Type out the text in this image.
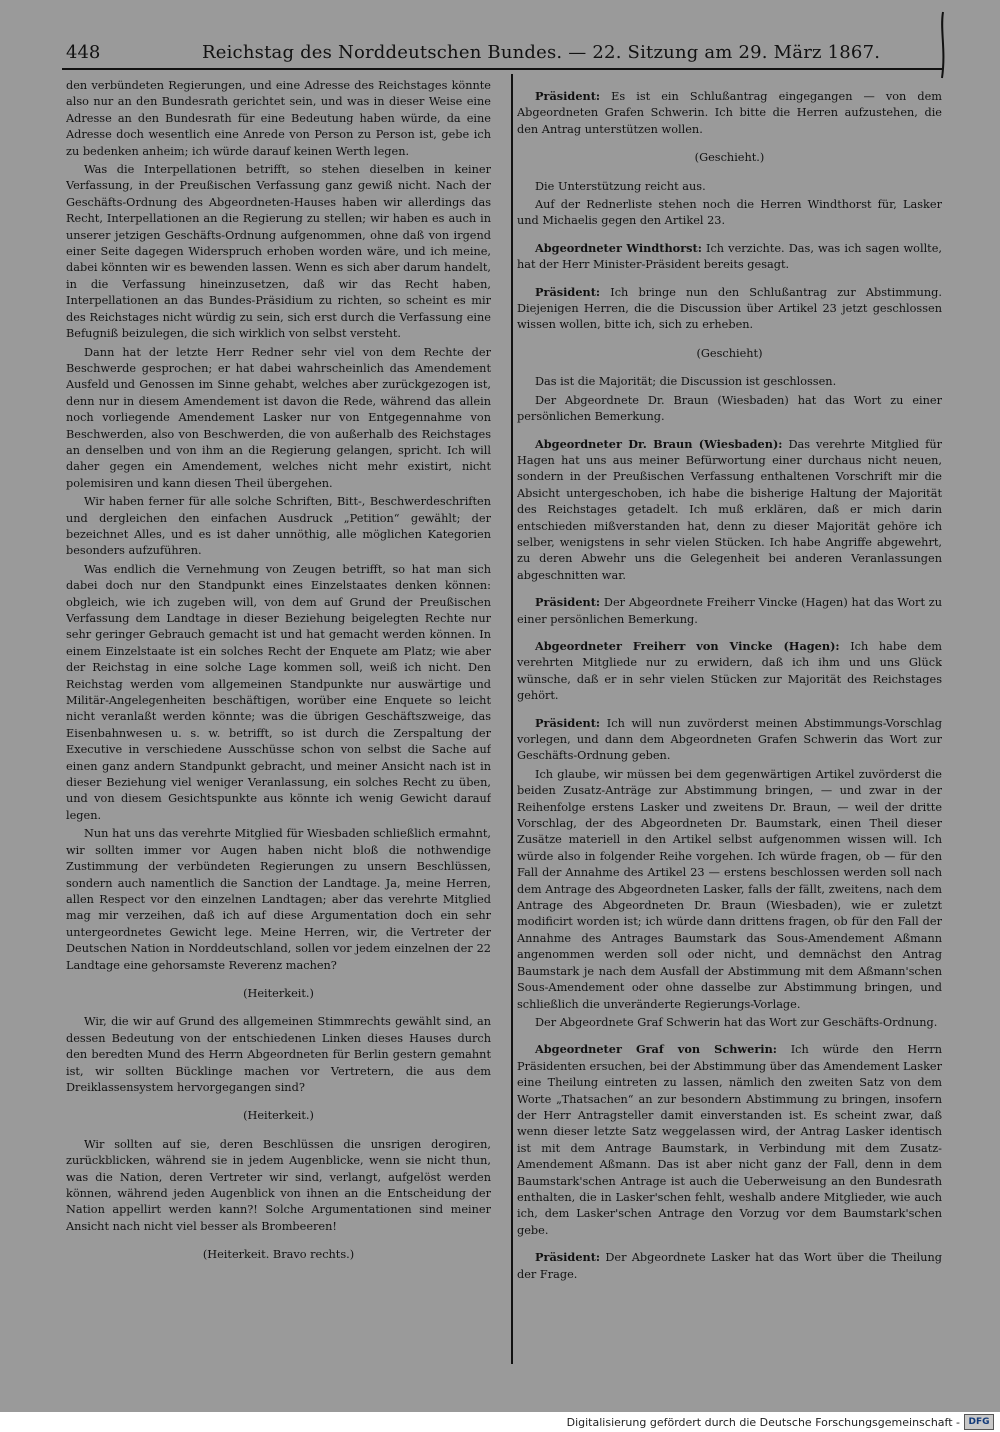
448	Reichstag des Norddeutschen Bundes. — 22. Sitzung am 29. März 1867.

den verbündeten Regierungen, und eine Adresse des Reichstages könnte also nur an den Bundesrath gerichtet sein, und was in dieser Weise eine Adresse an den Bundesrath für eine Bedeutung haben würde, da eine Adresse doch wesentlich eine Anrede von Person zu Person ist, gebe ich zu bedenken anheim; ich würde darauf keinen Werth legen.

Was die Interpellationen betrifft, so stehen dieselben in keiner Verfassung, in der Preußischen Verfassung ganz gewiß nicht. Nach der Geschäfts-Ordnung des Abgeordneten-Hauses haben wir allerdings das Recht, Interpellationen an die Regierung zu stellen; wir haben es auch in unserer jetzigen Geschäfts-Ordnung aufgenommen, ohne daß von irgend einer Seite dagegen Widerspruch erhoben worden wäre, und ich meine, dabei könnten wir es bewenden lassen. Wenn es sich aber darum handelt, in die Verfassung hineinzusetzen, daß wir das Recht haben, Interpellationen an das Bundes-Präsidium zu richten, so scheint es mir des Reichstages nicht würdig zu sein, sich erst durch die Verfassung eine Befugniß beizulegen, die sich wirklich von selbst versteht.

Dann hat der letzte Herr Redner sehr viel von dem Rechte der Beschwerde gesprochen; er hat dabei wahrscheinlich das Amendement Ausfeld und Genossen im Sinne gehabt, welches aber zurückgezogen ist, denn nur in diesem Amendement ist davon die Rede, während das allein noch vorliegende Amendement Lasker nur von Entgegennahme von Beschwerden, also von Beschwerden, die von außerhalb des Reichstages an denselben und von ihm an die Regierung gelangen, spricht. Ich will daher gegen ein Amendement, welches nicht mehr existirt, nicht polemisiren und kann diesen Theil übergehen.

Wir haben ferner für alle solche Schriften, Bitt-, Beschwerdeschriften und dergleichen den einfachen Ausdruck „Petition“ gewählt; der bezeichnet Alles, und es ist daher unnöthig, alle möglichen Kategorien besonders aufzuführen.

Was endlich die Vernehmung von Zeugen betrifft, so hat man sich dabei doch nur den Standpunkt eines Einzelstaates denken können: obgleich, wie ich zugeben will, von dem auf Grund der Preußischen Verfassung dem Landtage in dieser Beziehung beigelegten Rechte nur sehr geringer Gebrauch gemacht ist und hat gemacht werden können. In einem Einzelstaate ist ein solches Recht der Enquete am Platz; wie aber der Reichstag in eine solche Lage kommen soll, weiß ich nicht. Den Reichstag werden vom allgemeinen Standpunkte nur auswärtige und Militär-Angelegenheiten beschäftigen, worüber eine Enquete so leicht nicht veranlaßt werden könnte; was die übrigen Geschäftszweige, das Eisenbahnwesen u. s. w. betrifft, so ist durch die Zerspaltung der Executive in verschiedene Ausschüsse schon von selbst die Sache auf einen ganz andern Standpunkt gebracht, und meiner Ansicht nach ist in dieser Beziehung viel weniger Veranlassung, ein solches Recht zu üben, und von diesem Gesichtspunkte aus könnte ich wenig Gewicht darauf legen.

Nun hat uns das verehrte Mitglied für Wiesbaden schließlich ermahnt, wir sollten immer vor Augen haben nicht bloß die nothwendige Zustimmung der verbündeten Regierungen zu unsern Beschlüssen, sondern auch namentlich die Sanction der Landtage. Ja, meine Herren, allen Respect vor den einzelnen Landtagen; aber das verehrte Mitglied mag mir verzeihen, daß ich auf diese Argumentation doch ein sehr untergeordnetes Gewicht lege. Meine Herren, wir, die Vertreter der Deutschen Nation in Norddeutschland, sollen vor jedem einzelnen der 22 Landtage eine gehorsamste Reverenz machen?

(Heiterkeit.)

Wir, die wir auf Grund des allgemeinen Stimmrechts gewählt sind, an dessen Bedeutung von der entschiedenen Linken dieses Hauses durch den beredten Mund des Herrn Abgeordneten für Berlin gestern gemahnt ist, wir sollten Bücklinge machen vor Vertretern, die aus dem Dreiklassensystem hervorgegangen sind?

(Heiterkeit.)

Wir sollten auf sie, deren Beschlüssen die unsrigen derogiren, zurückblicken, während sie in jedem Augenblicke, wenn sie nicht thun, was die Nation, deren Vertreter wir sind, verlangt, aufgelöst werden können, während jeden Augenblick von ihnen an die Entscheidung der Nation appellirt werden kann?! Solche Argumentationen sind meiner Ansicht nach nicht viel besser als Brombeeren!

(Heiterkeit. Bravo rechts.)

Präsident: Es ist ein Schlußantrag eingegangen — von dem Abgeordneten Grafen Schwerin. Ich bitte die Herren aufzustehen, die den Antrag unterstützen wollen.

(Geschieht.)

Die Unterstützung reicht aus.

Auf der Rednerliste stehen noch die Herren Windthorst für, Lasker und Michaelis gegen den Artikel 23.

Abgeordneter Windthorst: Ich verzichte. Das, was ich sagen wollte, hat der Herr Minister-Präsident bereits gesagt.

Präsident: Ich bringe nun den Schlußantrag zur Abstimmung. Diejenigen Herren, die die Discussion über Artikel 23 jetzt geschlossen wissen wollen, bitte ich, sich zu erheben.

(Geschieht)

Das ist die Majorität; die Discussion ist geschlossen.

Der Abgeordnete Dr. Braun (Wiesbaden) hat das Wort zu einer persönlichen Bemerkung.

Abgeordneter Dr. Braun (Wiesbaden): Das verehrte Mitglied für Hagen hat uns aus meiner Befürwortung einer durchaus nicht neuen, sondern in der Preußischen Verfassung enthaltenen Vorschrift mir die Absicht untergeschoben, ich habe die bisherige Haltung der Majorität des Reichstages getadelt. Ich muß erklären, daß er mich darin entschieden mißverstanden hat, denn zu dieser Majorität gehöre ich selber, wenigstens in sehr vielen Stücken. Ich habe Angriffe abgewehrt, zu deren Abwehr uns die Gelegenheit bei anderen Veranlassungen abgeschnitten war.

Präsident: Der Abgeordnete Freiherr Vincke (Hagen) hat das Wort zu einer persönlichen Bemerkung.

Abgeordneter Freiherr von Vincke (Hagen): Ich habe dem verehrten Mitgliede nur zu erwidern, daß ich ihm und uns Glück wünsche, daß er in sehr vielen Stücken zur Majorität des Reichstages gehört.

Präsident: Ich will nun zuvörderst meinen Abstimmungs-Vorschlag vorlegen, und dann dem Abgeordneten Grafen Schwerin das Wort zur Geschäfts-Ordnung geben.

Ich glaube, wir müssen bei dem gegenwärtigen Artikel zuvörderst die beiden Zusatz-Anträge zur Abstimmung bringen, — und zwar in der Reihenfolge erstens Lasker und zweitens Dr. Braun, — weil der dritte Vorschlag, der des Abgeordneten Dr. Baumstark, einen Theil dieser Zusätze materiell in den Artikel selbst aufgenommen wissen will. Ich würde also in folgender Reihe vorgehen. Ich würde fragen, ob — für den Fall der Annahme des Artikel 23 — erstens beschlossen werden soll nach dem Antrage des Abgeordneten Lasker, falls der fällt, zweitens, nach dem Antrage des Abgeordneten Dr. Braun (Wiesbaden), wie er zuletzt modificirt worden ist; ich würde dann drittens fragen, ob für den Fall der Annahme des Antrages Baumstark das Sous-Amendement Aßmann angenommen werden soll oder nicht, und demnächst den Antrag Baumstark je nach dem Ausfall der Abstimmung mit dem Aßmann'schen Sous-Amendement oder ohne dasselbe zur Abstimmung bringen, und schließlich die unveränderte Regierungs-Vorlage.

Der Abgeordnete Graf Schwerin hat das Wort zur Geschäfts-Ordnung.

Abgeordneter Graf von Schwerin: Ich würde den Herrn Präsidenten ersuchen, bei der Abstimmung über das Amendement Lasker eine Theilung eintreten zu lassen, nämlich den zweiten Satz von dem Worte „Thatsachen“ an zur besondern Abstimmung zu bringen, insofern der Herr Antragsteller damit einverstanden ist. Es scheint zwar, daß wenn dieser letzte Satz weggelassen wird, der Antrag Lasker identisch ist mit dem Antrage Baumstark, in Verbindung mit dem Zusatz-Amendement Aßmann. Das ist aber nicht ganz der Fall, denn in dem Baumstark'schen Antrage ist auch die Ueberweisung an den Bundesrath enthalten, die in Lasker'schen fehlt, weshalb andere Mitglieder, wie auch ich, dem Lasker'schen Antrage den Vorzug vor dem Baumstark'schen gebe.

Präsident: Der Abgeordnete Lasker hat das Wort über die Theilung der Frage.

Digitalisierung gefördert durch die Deutsche Forschungsgemeinschaft - DFG
